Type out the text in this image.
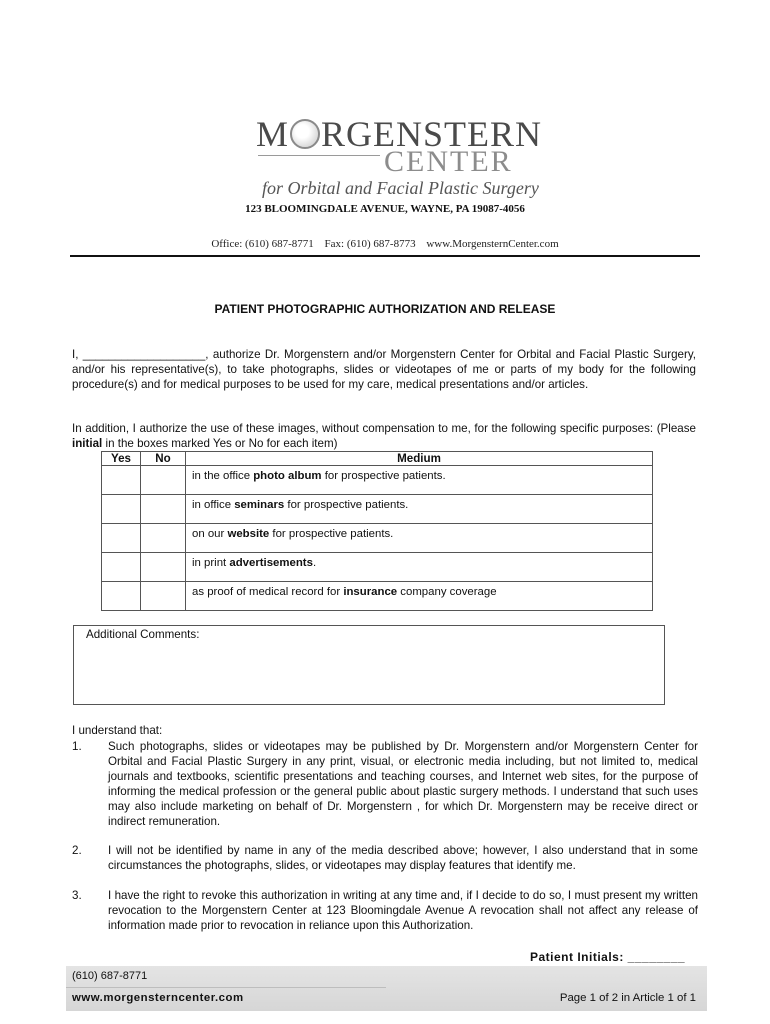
M RGENSTERN
CENTER
for Orbital and Facial Plastic Surgery
123 BLOOMINGDALE AVENUE, WAYNE, PA 19087-4056
Office: (610) 687-8771 Fax: (610) 687-8773 www.MorgensternCenter.com
PATIENT PHOTOGRAPHIC AUTHORIZATION AND RELEASE
I, ___________________, authorize Dr. Morgenstern and/or Morgenstern Center for Orbital and Facial Plastic Surgery, and/or his representative(s), to take photographs, slides or videotapes of me or parts of my body for the following procedure(s) and for medical purposes to be used for my care, medical presentations and/or articles.
In addition, I authorize the use of these images, without compensation to me, for the following specific purposes: (Please initial in the boxes marked Yes or No for each item)
Yes	No	Medium

		in the office photo album for prospective patients.

		in office seminars for prospective patients.

		on our website for prospective patients.

		in print advertisements.

		as proof of medical record for insurance company coverage
Additional Comments:
I understand that:
1. Such photographs, slides or videotapes may be published by Dr. Morgenstern and/or Morgenstern Center for Orbital and Facial Plastic Surgery in any print, visual, or electronic media including, but not limited to, medical journals and textbooks, scientific presentations and teaching courses, and Internet web sites, for the purpose of informing the medical profession or the general public about plastic surgery methods. I understand that such uses may also include marketing on behalf of Dr. Morgenstern , for which Dr. Morgenstern may be receive direct or indirect remuneration.
2. I will not be identified by name in any of the media described above; however, I also understand that in some circumstances the photographs, slides, or videotapes may display features that identify me.
3. I have the right to revoke this authorization in writing at any time and, if I decide to do so, I must present my written revocation to the Morgenstern Center at 123 Bloomingdale Avenue A revocation shall not affect any release of information made prior to revocation in reliance upon this Authorization.
Patient Initials: ________
(610) 687-8771
www.morgensterncenter.com	Page 1 of 2 in Article 1 of 1
